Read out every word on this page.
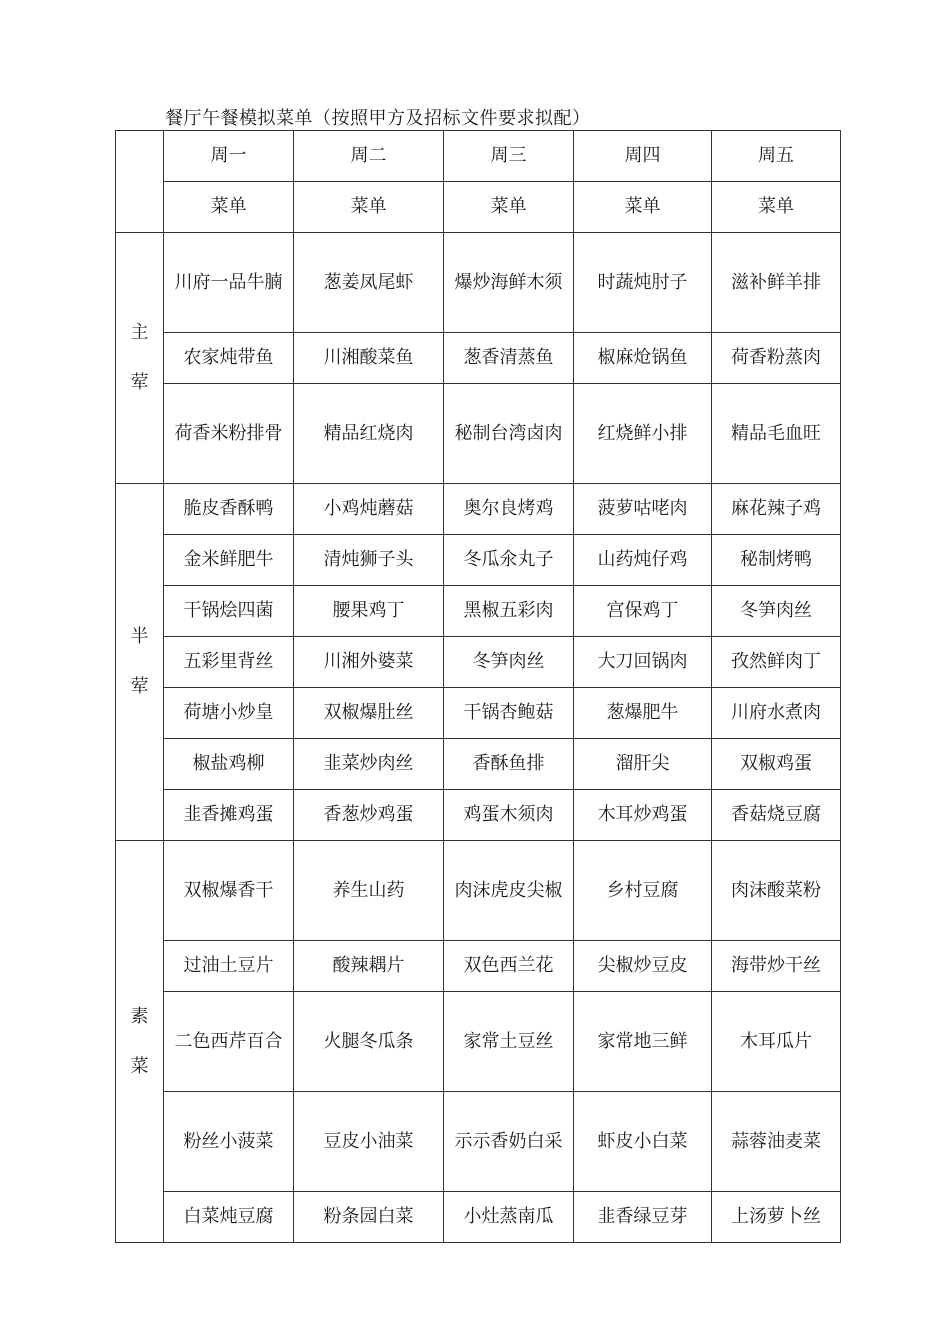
餐厅午餐模拟菜单（按照甲方及招标文件要求拟配）
	周一	周二	周三	周四	周五
	菜单	菜单	菜单	菜单	菜单
主荤	川府一品牛腩	葱姜凤尾虾	爆炒海鲜木须	时蔬炖肘子	滋补鲜羊排
	农家炖带鱼	川湘酸菜鱼	葱香清蒸鱼	椒麻炝锅鱼	荷香粉蒸肉
	荷香米粉排骨	精品红烧肉	秘制台湾卤肉	红烧鲜小排	精品毛血旺
半荤	脆皮香酥鸭	小鸡炖蘑菇	奥尔良烤鸡	菠萝咕咾肉	麻花辣子鸡
	金米鲜肥牛	清炖狮子头	冬瓜氽丸子	山药炖仔鸡	秘制烤鸭
	干锅烩四菌	腰果鸡丁	黑椒五彩肉	宫保鸡丁	冬笋肉丝
	五彩里背丝	川湘外婆菜	冬笋肉丝	大刀回锅肉	孜然鲜肉丁
	荷塘小炒皇	双椒爆肚丝	干锅杏鲍菇	葱爆肥牛	川府水煮肉
	椒盐鸡柳	韭菜炒肉丝	香酥鱼排	溜肝尖	双椒鸡蛋
	韭香摊鸡蛋	香葱炒鸡蛋	鸡蛋木须肉	木耳炒鸡蛋	香菇烧豆腐
素菜	双椒爆香干	养生山药	肉沫虎皮尖椒	乡村豆腐	肉沫酸菜粉
	过油土豆片	酸辣耦片	双色西兰花	尖椒炒豆皮	海带炒干丝
	二色西芹百合	火腿冬瓜条	家常土豆丝	家常地三鲜	木耳瓜片
	粉丝小菠菜	豆皮小油菜	示示香奶白采	虾皮小白菜	蒜蓉油麦菜
	白菜炖豆腐	粉条园白菜	小灶蒸南瓜	韭香绿豆芽	上汤萝卜丝
